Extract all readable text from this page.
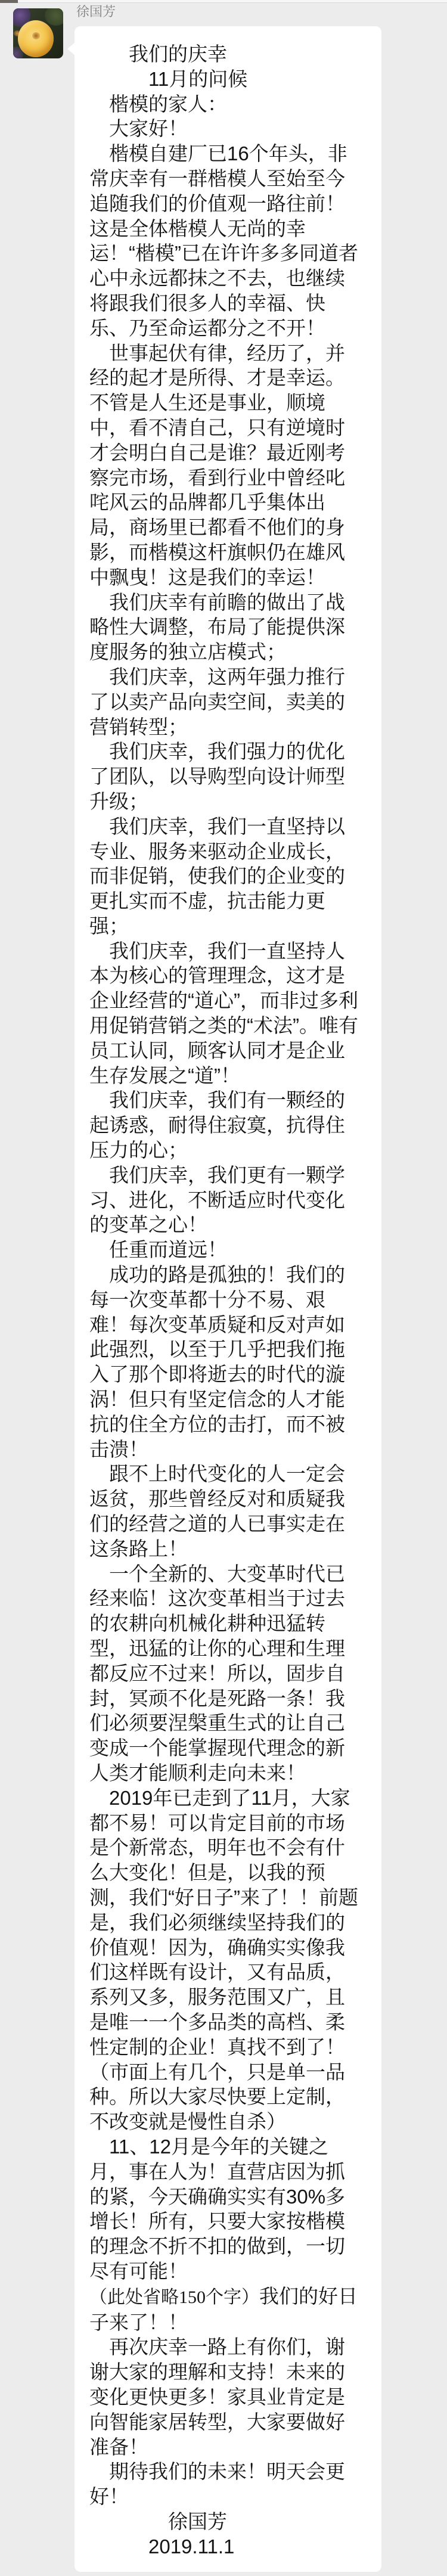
徐国芳

　　我们的庆幸

　　　11月的问候

　楷模的家人：

　大家好！

　楷模自建厂已16个年头，非常庆幸有一群楷模人至始至今追随我们的价值观一路往前！这是全体楷模人无尚的幸运！“楷模”已在许许多多同道者心中永远都抹之不去，也继续将跟我们很多人的幸福、快乐、乃至命运都分之不开！

　世事起伏有律，经历了，并经的起才是所得、才是幸运。不管是人生还是事业，顺境中，看不清自己，只有逆境时才会明白自己是谁？最近刚考察完市场，看到行业中曾经叱咤风云的品牌都几乎集体出局，商场里已都看不他们的身影，而楷模这杆旗帜仍在雄风中飘曳！这是我们的幸运！

　我们庆幸有前瞻的做出了战略性大调整，布局了能提供深度服务的独立店模式；

　我们庆幸，这两年强力推行了以卖产品向卖空间，卖美的营销转型；

　我们庆幸，我们强力的优化了团队，以导购型向设计师型升级；

　我们庆幸，我们一直坚持以专业、服务来驱动企业成长，而非促销，使我们的企业变的更扎实而不虚，抗击能力更强；

　我们庆幸，我们一直坚持人本为核心的管理理念，这才是企业经营的“道心”，而非过多利用促销营销之类的“术法”。唯有员工认同，顾客认同才是企业生存发展之“道”！

　我们庆幸，我们有一颗经的起诱惑，耐得住寂寞，抗得住压力的心；

　我们庆幸，我们更有一颗学习、进化，不断适应时代变化的变革之心！

　任重而道远！

　成功的路是孤独的！我们的每一次变革都十分不易、艰难！每次变革质疑和反对声如此强烈，以至于几乎把我们拖入了那个即将逝去的时代的漩涡！但只有坚定信念的人才能抗的住全方位的击打，而不被击溃！

　跟不上时代变化的人一定会返贫，那些曾经反对和质疑我们的经营之道的人已事实走在这条路上！

　一个全新的、大变革时代已经来临！这次变革相当于过去的农耕向机械化耕种迅猛转型，迅猛的让你的心理和生理都反应不过来！所以，固步自封，冥顽不化是死路一条！我们必须要涅槃重生式的让自己变成一个能掌握现代理念的新人类才能顺利走向未来！

　2019年已走到了11月，大家都不易！可以肯定目前的市场是个新常态，明年也不会有什么大变化！但是，以我的预测，我们“好日子”来了！！前题是，我们必须继续坚持我们的价值观！因为，确确实实像我们这样既有设计，又有品质，系列又多，服务范围又广，且是唯一一个多品类的高档、柔性定制的企业！真找不到了！（市面上有几个，只是单一品种。所以大家尽快要上定制，不改变就是慢性自杀）

　11、12月是今年的关键之月，事在人为！直营店因为抓的紧，今天确确实实有30%多增长！所有，只要大家按楷模的理念不折不扣的做到，一切尽有可能！

（此处省略150个字）我们的好日子来了！！

　再次庆幸一路上有你们，谢谢大家的理解和支持！未来的变化更快更多！家具业肯定是向智能家居转型，大家要做好准备！

　期待我们的未来！明天会更好！

　　　　徐国芳

　　　2019.11.1
